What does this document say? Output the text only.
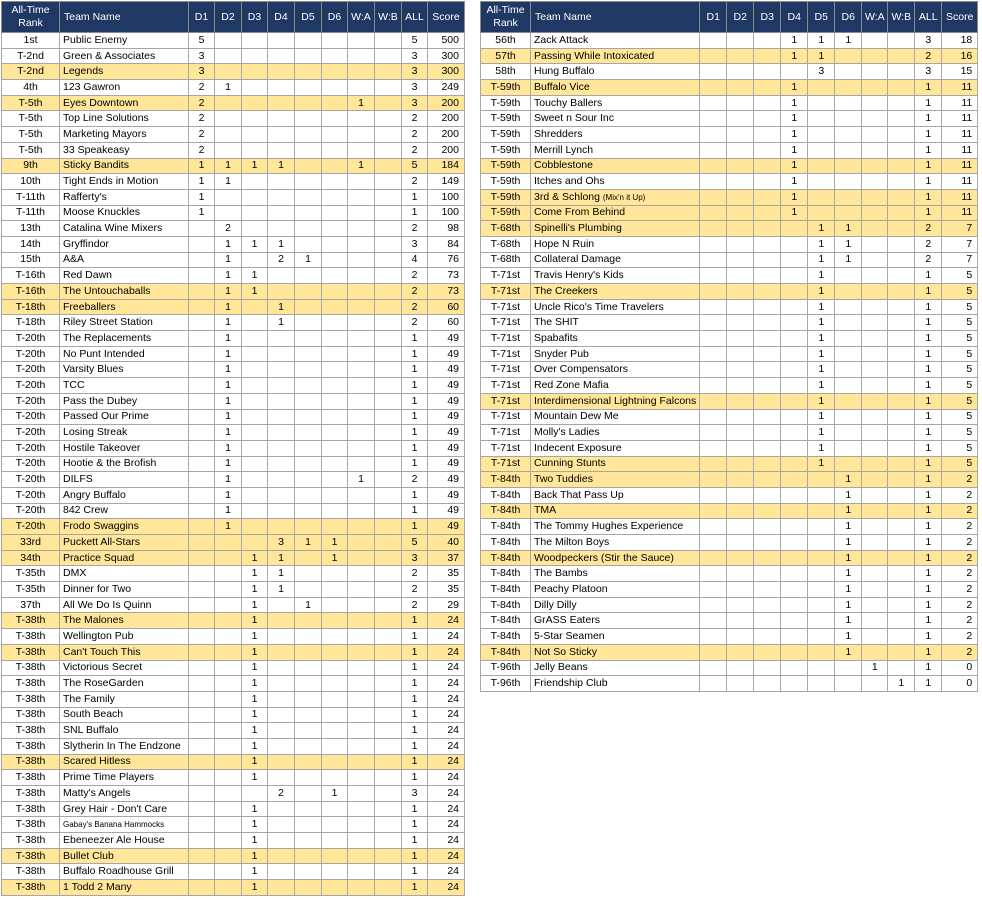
All-Time Rank	Team Name	D1	D2	D3	D4	D5	D6	W:A	W:B	ALL	Score
1st	Public Enemy	5								5	500
T-2nd	Green & Associates	3								3	300
T-2nd	Legends	3								3	300
4th	123 Gawron	2	1							3	249
T-5th	Eyes Downtown	2						1		3	200
T-5th	Top Line Solutions	2								2	200
T-5th	Marketing Mayors	2								2	200
T-5th	33 Speakeasy	2								2	200
9th	Sticky Bandits	1	1	1	1			1		5	184
10th	Tight Ends in Motion	1	1							2	149
T-11th	Rafferty's	1								1	100
T-11th	Moose Knuckles	1								1	100
13th	Catalina Wine Mixers		2							2	98
14th	Gryffindor		1	1	1					3	84
15th	A&A		1		2	1				4	76
T-16th	Red Dawn		1	1						2	73
T-16th	The Untouchaballs		1	1						2	73
T-18th	Freeballers		1		1					2	60
T-18th	Riley Street Station		1		1					2	60
T-20th	The Replacements		1							1	49
T-20th	No Punt Intended		1							1	49
T-20th	Varsity Blues		1							1	49
T-20th	TCC		1							1	49
T-20th	Pass the Dubey		1							1	49
T-20th	Passed Our Prime		1							1	49
T-20th	Losing Streak		1							1	49
T-20th	Hostile Takeover		1							1	49
T-20th	Hootie & the Brofish		1							1	49
T-20th	DILFS		1					1		2	49
T-20th	Angry Buffalo		1							1	49
T-20th	842 Crew		1							1	49
T-20th	Frodo Swaggins		1							1	49
33rd	Puckett All-Stars				3	1	1			5	40
34th	Practice Squad			1	1		1			3	37
T-35th	DMX			1	1					2	35
T-35th	Dinner for Two			1	1					2	35
37th	All We Do Is Quinn			1		1				2	29
T-38th	The Malones			1						1	24
T-38th	Wellington Pub			1						1	24
T-38th	Can't Touch This			1						1	24
T-38th	Victorious Secret			1						1	24
T-38th	The RoseGarden			1						1	24
T-38th	The Family			1						1	24
T-38th	South Beach			1						1	24
T-38th	SNL Buffalo			1						1	24
T-38th	Slytherin In The Endzone			1						1	24
T-38th	Scared Hitless			1						1	24
T-38th	Prime Time Players			1						1	24
T-38th	Matty's Angels				2		1			3	24
T-38th	Grey Hair - Don't Care			1						1	24
T-38th	Gabay's Banana Hammocks			1						1	24
T-38th	Ebeneezer Ale House			1						1	24
T-38th	Bullet Club			1						1	24
T-38th	Buffalo Roadhouse Grill			1						1	24
T-38th	1 Todd 2 Many			1						1	24
All-Time Rank	Team Name	D1	D2	D3	D4	D5	D6	W:A	W:B	ALL	Score
56th	Zack Attack				1	1	1			3	18
57th	Passing While Intoxicated				1	1				2	16
58th	Hung Buffalo					3				3	15
T-59th	Buffalo Vice				1					1	11
T-59th	Touchy Ballers				1					1	11
T-59th	Sweet n Sour Inc				1					1	11
T-59th	Shredders				1					1	11
T-59th	Merrill Lynch				1					1	11
T-59th	Cobblestone				1					1	11
T-59th	Itches and Ohs				1					1	11
T-59th	3rd & Schlong (Mix'n it Up)				1					1	11
T-59th	Come From Behind				1					1	11
T-68th	Spinelli's Plumbing					1	1			2	7
T-68th	Hope N Ruin					1	1			2	7
T-68th	Collateral Damage					1	1			2	7
T-71st	Travis Henry's Kids					1				1	5
T-71st	The Creekers					1				1	5
T-71st	Uncle Rico's Time Travelers					1				1	5
T-71st	The SHIT					1				1	5
T-71st	Spabafits					1				1	5
T-71st	Snyder Pub					1				1	5
T-71st	Over Compensators					1				1	5
T-71st	Red Zone Mafia					1				1	5
T-71st	Interdimensional Lightning Falcons					1				1	5
T-71st	Mountain Dew Me					1				1	5
T-71st	Molly's Ladies					1				1	5
T-71st	Indecent Exposure					1				1	5
T-71st	Cunning Stunts					1				1	5
T-84th	Two Tuddies						1			1	2
T-84th	Back That Pass Up						1			1	2
T-84th	TMA						1			1	2
T-84th	The Tommy Hughes Experience						1			1	2
T-84th	The Milton Boys						1			1	2
T-84th	Woodpeckers (Stir the Sauce)						1			1	2
T-84th	The Bambs						1			1	2
T-84th	Peachy Platoon						1			1	2
T-84th	Dilly Dilly						1			1	2
T-84th	GrASS Eaters						1			1	2
T-84th	5-Star Seamen						1			1	2
T-84th	Not So Sticky						1			1	2
T-96th	Jelly Beans							1		1	0
T-96th	Friendship Club								1	1	0
